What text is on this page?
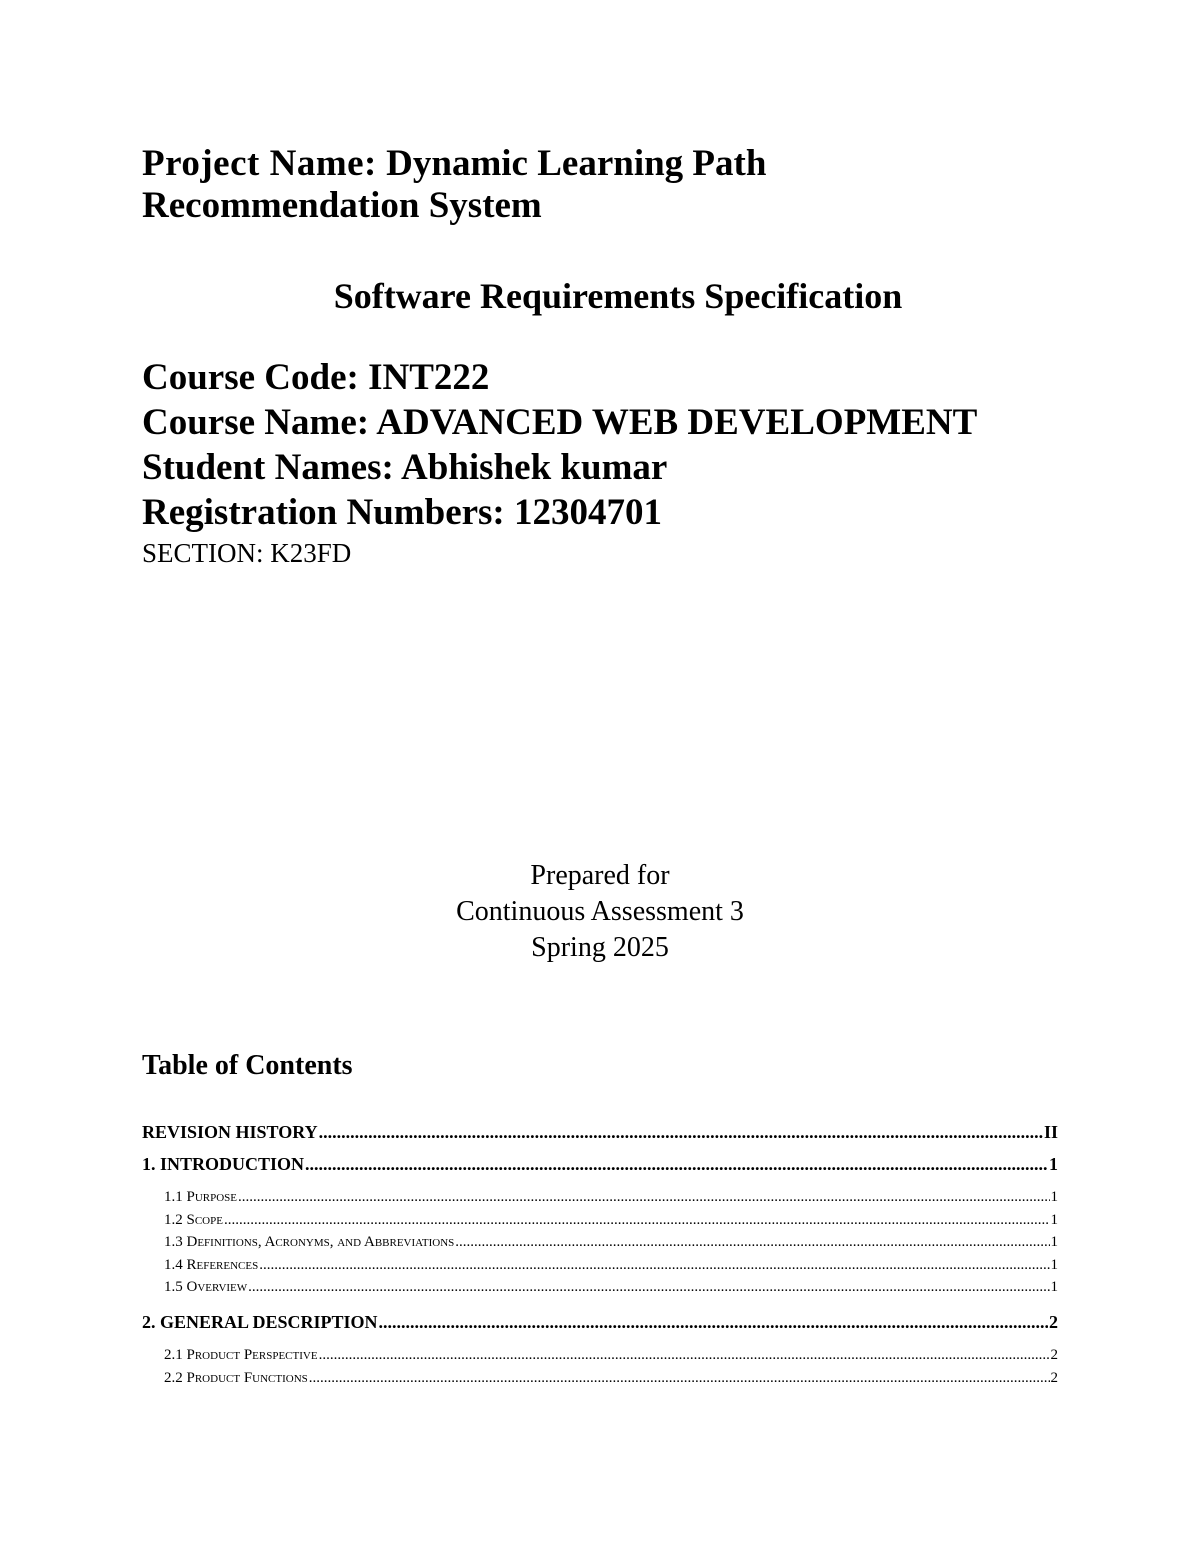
Project Name: Dynamic Learning Path Recommendation System
Software Requirements Specification
Course Code: INT222
Course Name: ADVANCED WEB DEVELOPMENT
Student Names: Abhishek kumar
Registration Numbers: 12304701
SECTION: K23FD
Prepared for
Continuous Assessment 3
Spring 2025
Table of Contents
REVISION HISTORY .....	II
1. INTRODUCTION .....	1
1.1 Purpose .....	1
1.2 Scope .....	1
1.3 Definitions, Acronyms, and Abbreviations .....	1
1.4 References .....	1
1.5 Overview .....	1
2. GENERAL DESCRIPTION .....	2
2.1 Product Perspective .....	2
2.2 Product Functions .....	2
